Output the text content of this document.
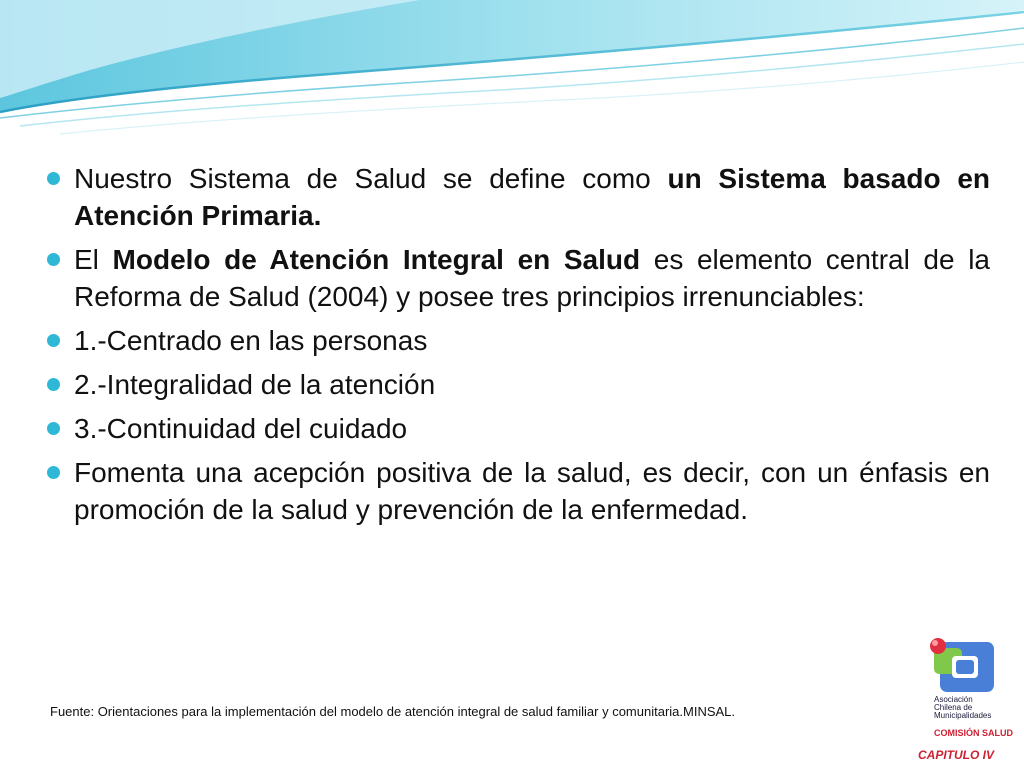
Nuestro Sistema de Salud se define como un Sistema basado en Atención Primaria.
El Modelo de Atención Integral en Salud es elemento central de la Reforma de Salud (2004) y posee tres principios irrenunciables:
1.-Centrado en las personas
2.-Integralidad de la atención
3.-Continuidad del cuidado
Fomenta una acepción positiva de la salud, es decir, con un énfasis en promoción de la salud y prevención de la enfermedad.
Fuente: Orientaciones para la implementación del modelo de atención integral de salud familiar y comunitaria.MINSAL.
Asociación
Chilena de
Municipalidades
COMISIÓN SALUD
CAPITULO IV
